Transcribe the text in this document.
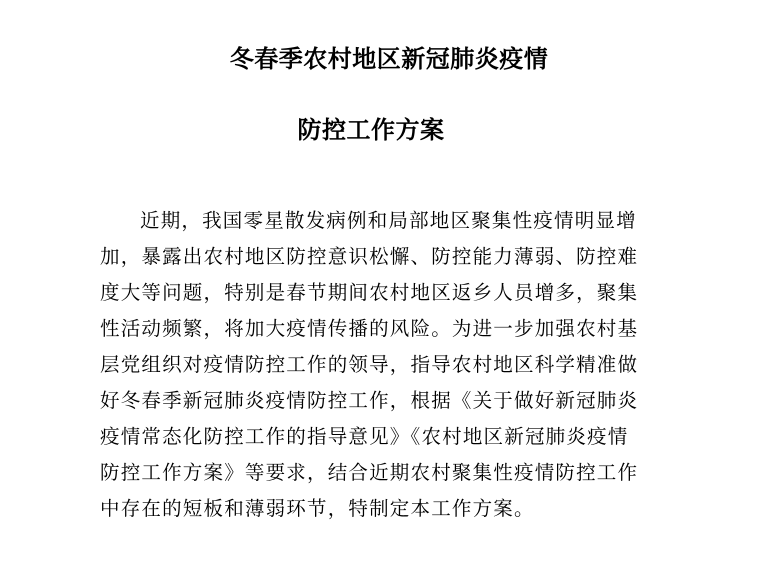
冬春季农村地区新冠肺炎疫情
防控工作方案
近期，我国零星散发病例和局部地区聚集性疫情明显增
加，暴露出农村地区防控意识松懈、防控能力薄弱、防控难
度大等问题，特别是春节期间农村地区返乡人员增多，聚集
性活动频繁，将加大疫情传播的风险。为进一步加强农村基
层党组织对疫情防控工作的领导，指导农村地区科学精准做
好冬春季新冠肺炎疫情防控工作，根据《关于做好新冠肺炎
疫情常态化防控工作的指导意见》《农村地区新冠肺炎疫情
防控工作方案》等要求，结合近期农村聚集性疫情防控工作
中存在的短板和薄弱环节，特制定本工作方案。
